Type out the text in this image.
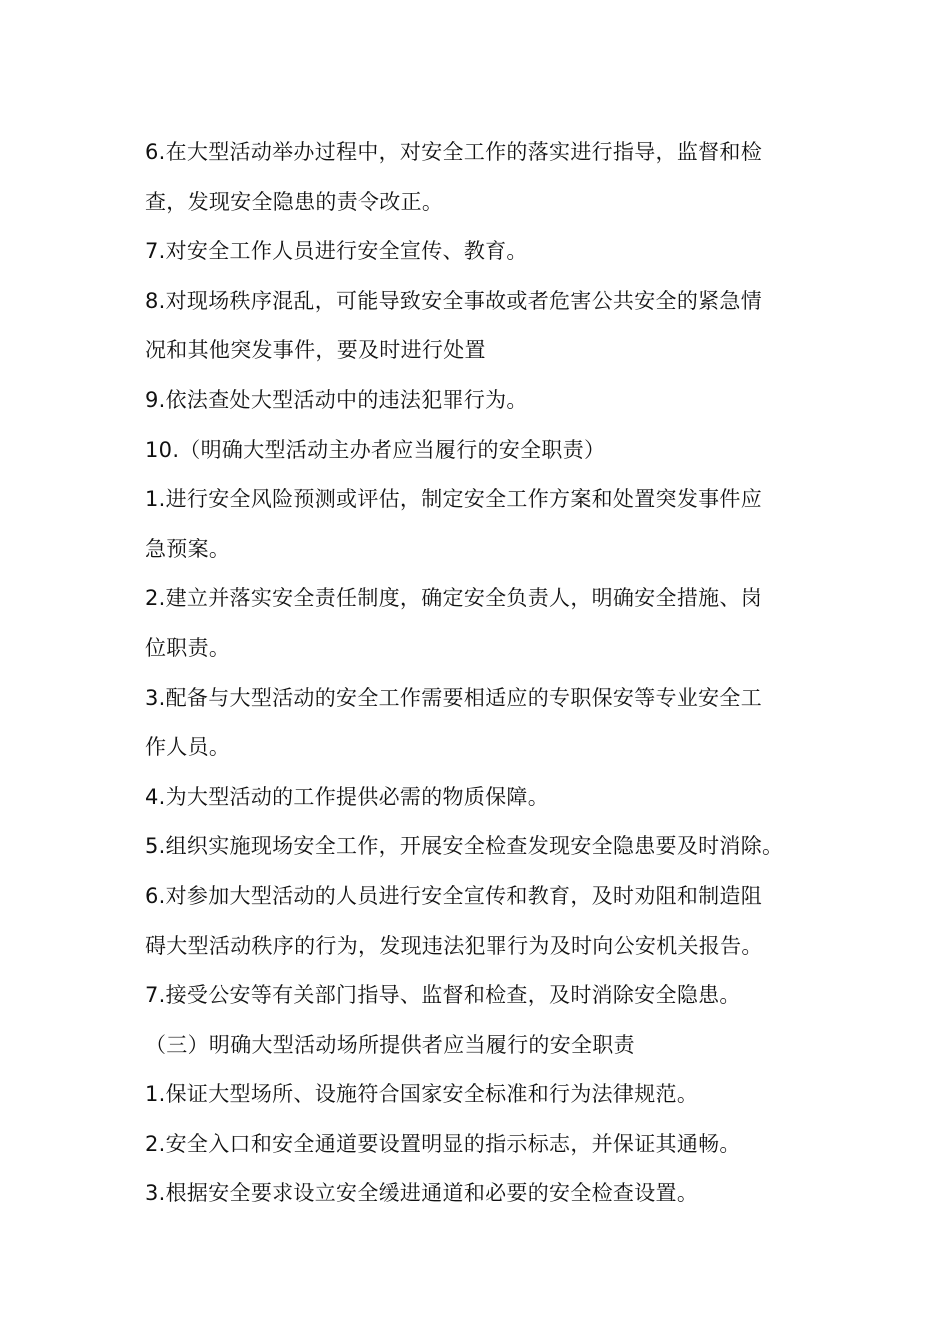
6.在大型活动举办过程中，对安全工作的落实进行指导，监督和检
查，发现安全隐患的责令改正。
7.对安全工作人员进行安全宣传、教育。
8.对现场秩序混乱，可能导致安全事故或者危害公共安全的紧急情
况和其他突发事件，要及时进行处置
9.依法查处大型活动中的违法犯罪行为。
10.（明确大型活动主办者应当履行的安全职责）
1.进行安全风险预测或评估，制定安全工作方案和处置突发事件应
急预案。
2.建立并落实安全责任制度，确定安全负责人，明确安全措施、岗
位职责。
3.配备与大型活动的安全工作需要相适应的专职保安等专业安全工
作人员。
4.为大型活动的工作提供必需的物质保障。
5.组织实施现场安全工作，开展安全检查发现安全隐患要及时消除。
6.对参加大型活动的人员进行安全宣传和教育，及时劝阻和制造阻
碍大型活动秩序的行为，发现违法犯罪行为及时向公安机关报告。
7.接受公安等有关部门指导、监督和检查，及时消除安全隐患。
（三）明确大型活动场所提供者应当履行的安全职责
1.保证大型场所、设施符合国家安全标准和行为法律规范。
2.安全入口和安全通道要设置明显的指示标志，并保证其通畅。
3.根据安全要求设立安全缓进通道和必要的安全检查设置。
